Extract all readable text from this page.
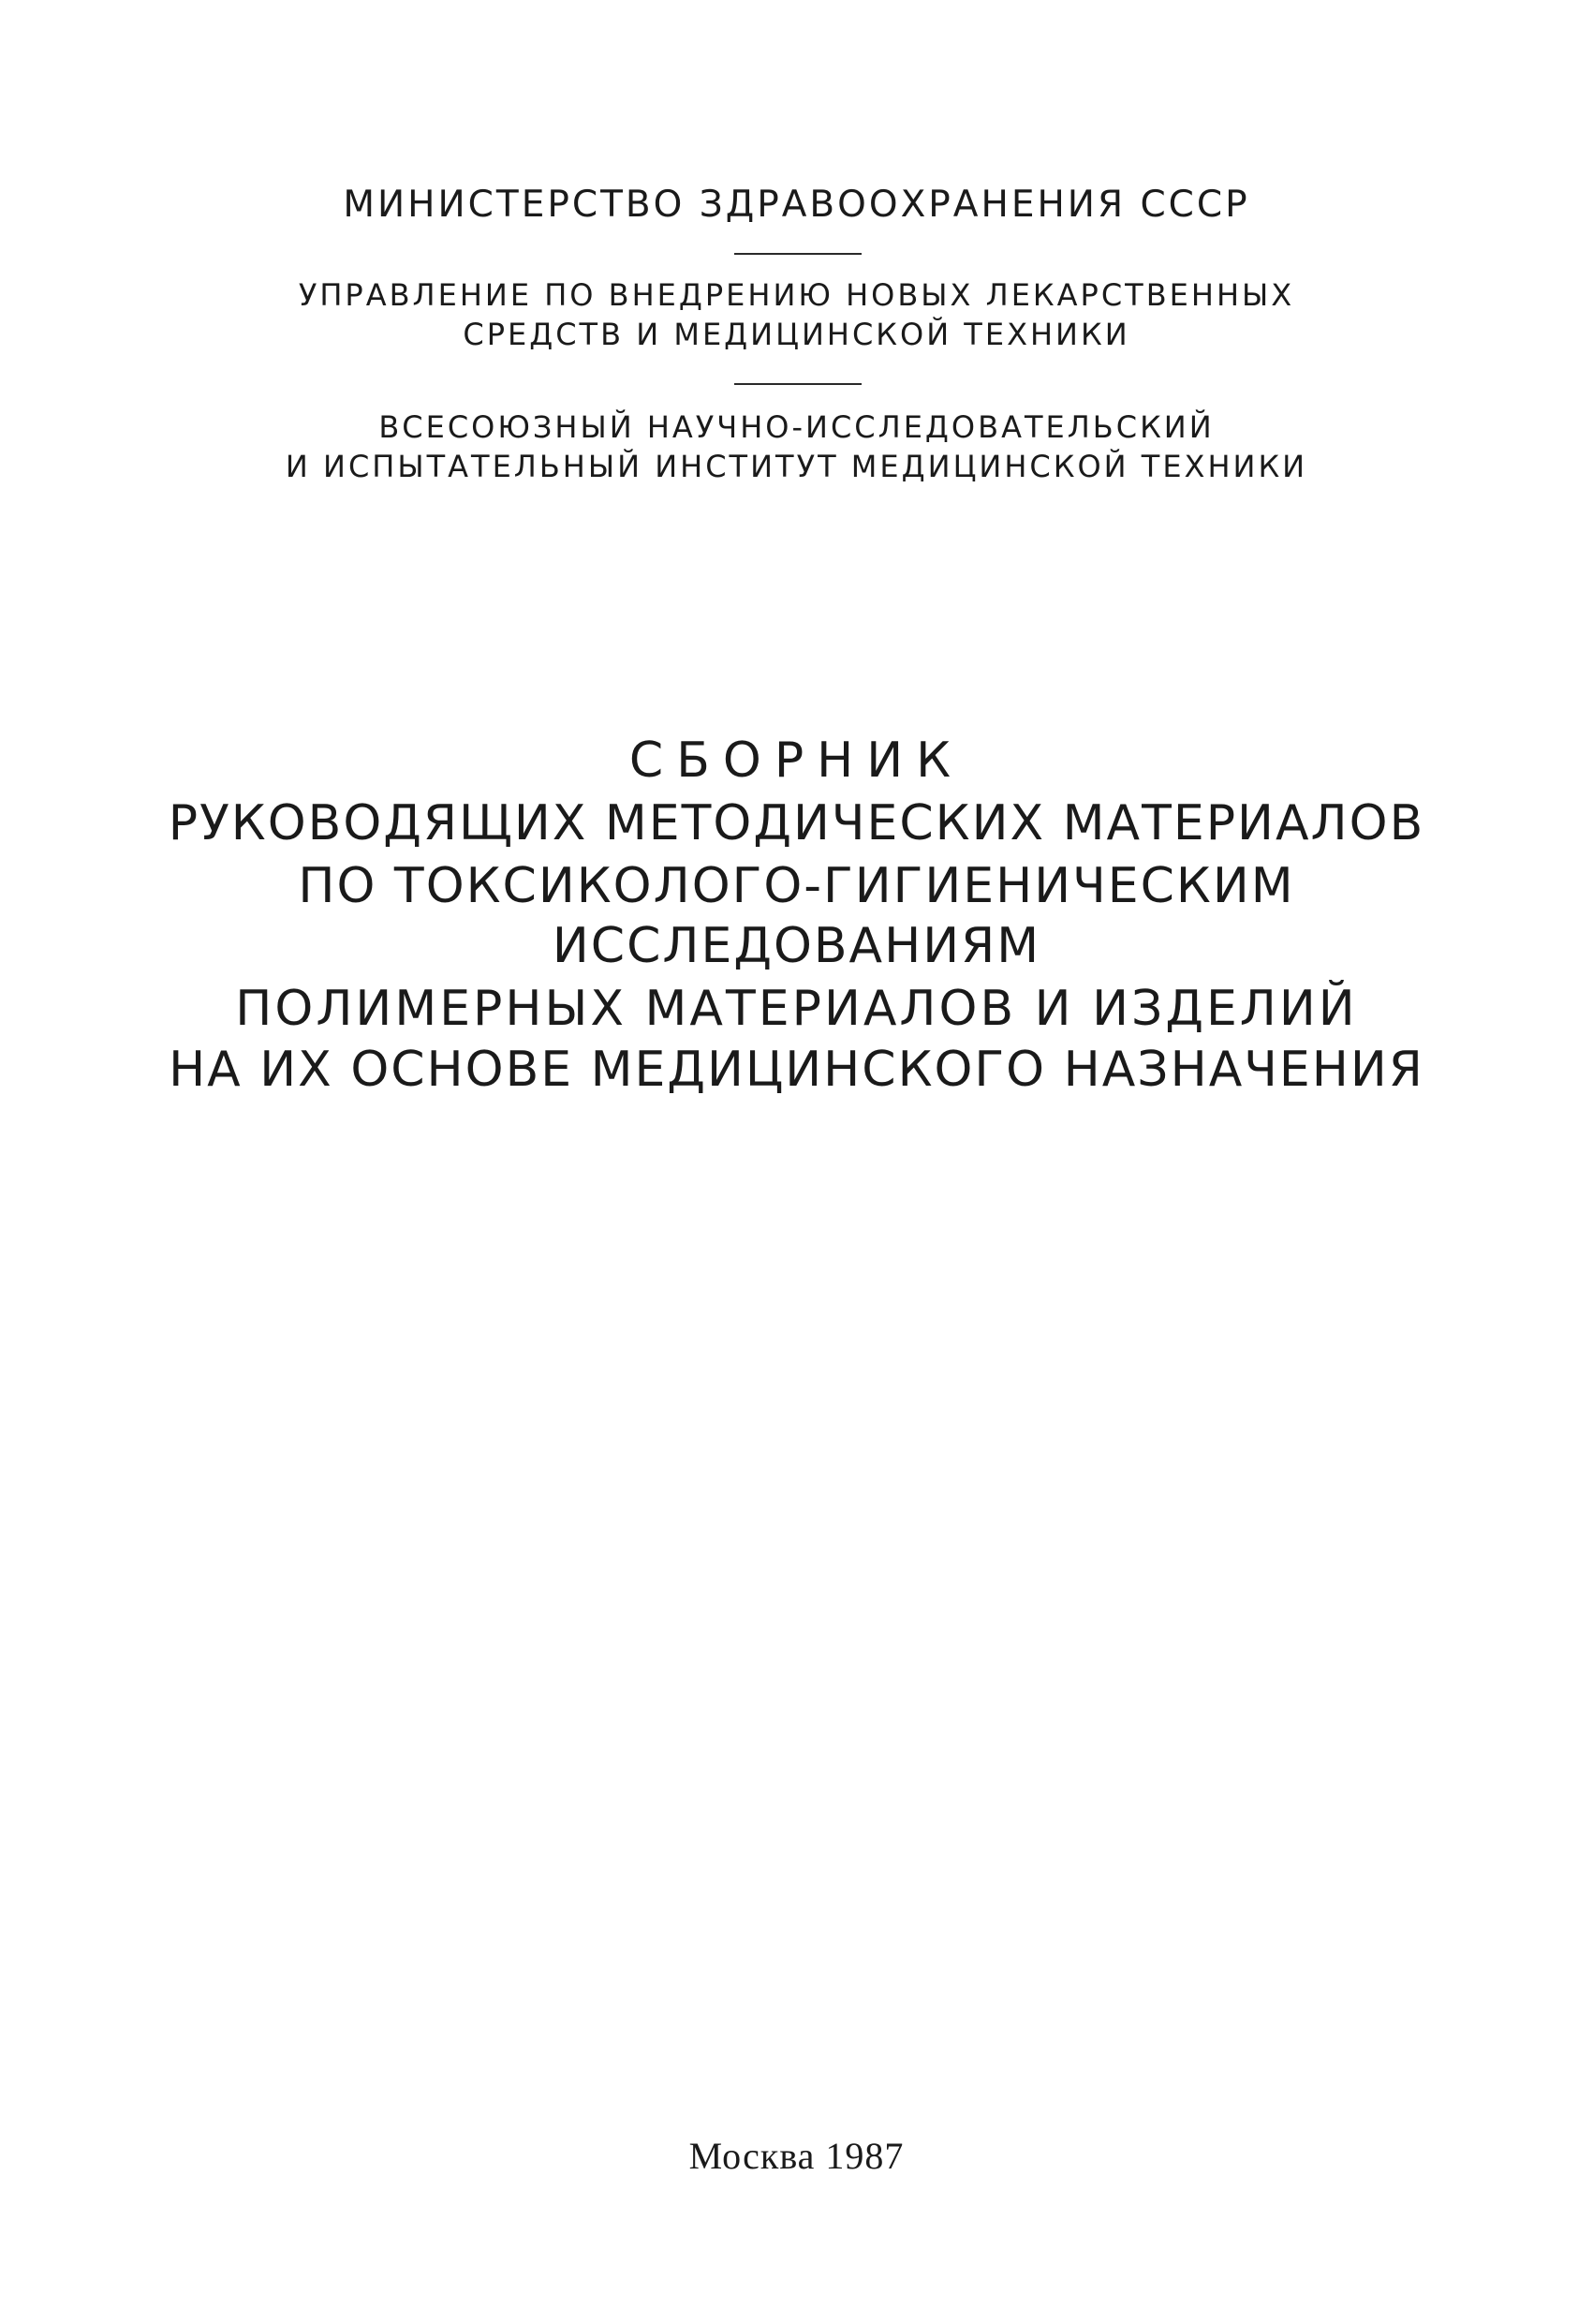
МИНИСТЕРСТВО ЗДРАВООХРАНЕНИЯ СССР
УПРАВЛЕНИЕ ПО ВНЕДРЕНИЮ НОВЫХ ЛЕКАРСТВЕННЫХ
СРЕДСТВ И МЕДИЦИНСКОЙ ТЕХНИКИ
ВСЕСОЮЗНЫЙ НАУЧНО-ИССЛЕДОВАТЕЛЬСКИЙ
И ИСПЫТАТЕЛЬНЫЙ ИНСТИТУТ МЕДИЦИНСКОЙ ТЕХНИКИ
СБОРНИК
РУКОВОДЯЩИХ МЕТОДИЧЕСКИХ МАТЕРИАЛОВ
ПО ТОКСИКОЛОГО-ГИГИЕНИЧЕСКИМ
ИССЛЕДОВАНИЯМ
ПОЛИМЕРНЫХ МАТЕРИАЛОВ И ИЗДЕЛИЙ
НА ИХ ОСНОВЕ МЕДИЦИНСКОГО НАЗНАЧЕНИЯ
Москва 1987
